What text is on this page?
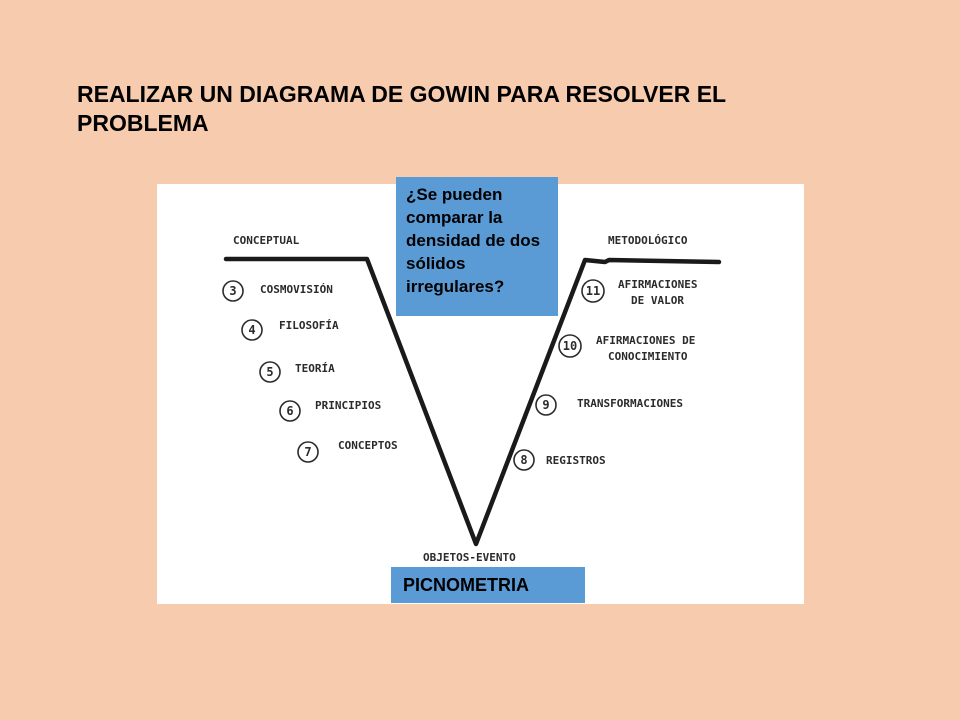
REALIZAR UN DIAGRAMA DE GOWIN PARA RESOLVER EL
PROBLEMA
CONCEPTUAL	METODOLÓGICO
OBJETOS-EVENTO
3 COSMOVISIÓN
4 FILOSOFÍA
5 TEORÍA
6 PRINCIPIOS
7 CONCEPTOS
11 AFIRMACIONES
DE VALOR
10 AFIRMACIONES DE
CONOCIMIENTO
9 TRANSFORMACIONES
8 REGISTROS
¿Se pueden comparar la densidad de dos sólidos irregulares?
PICNOMETRIA
